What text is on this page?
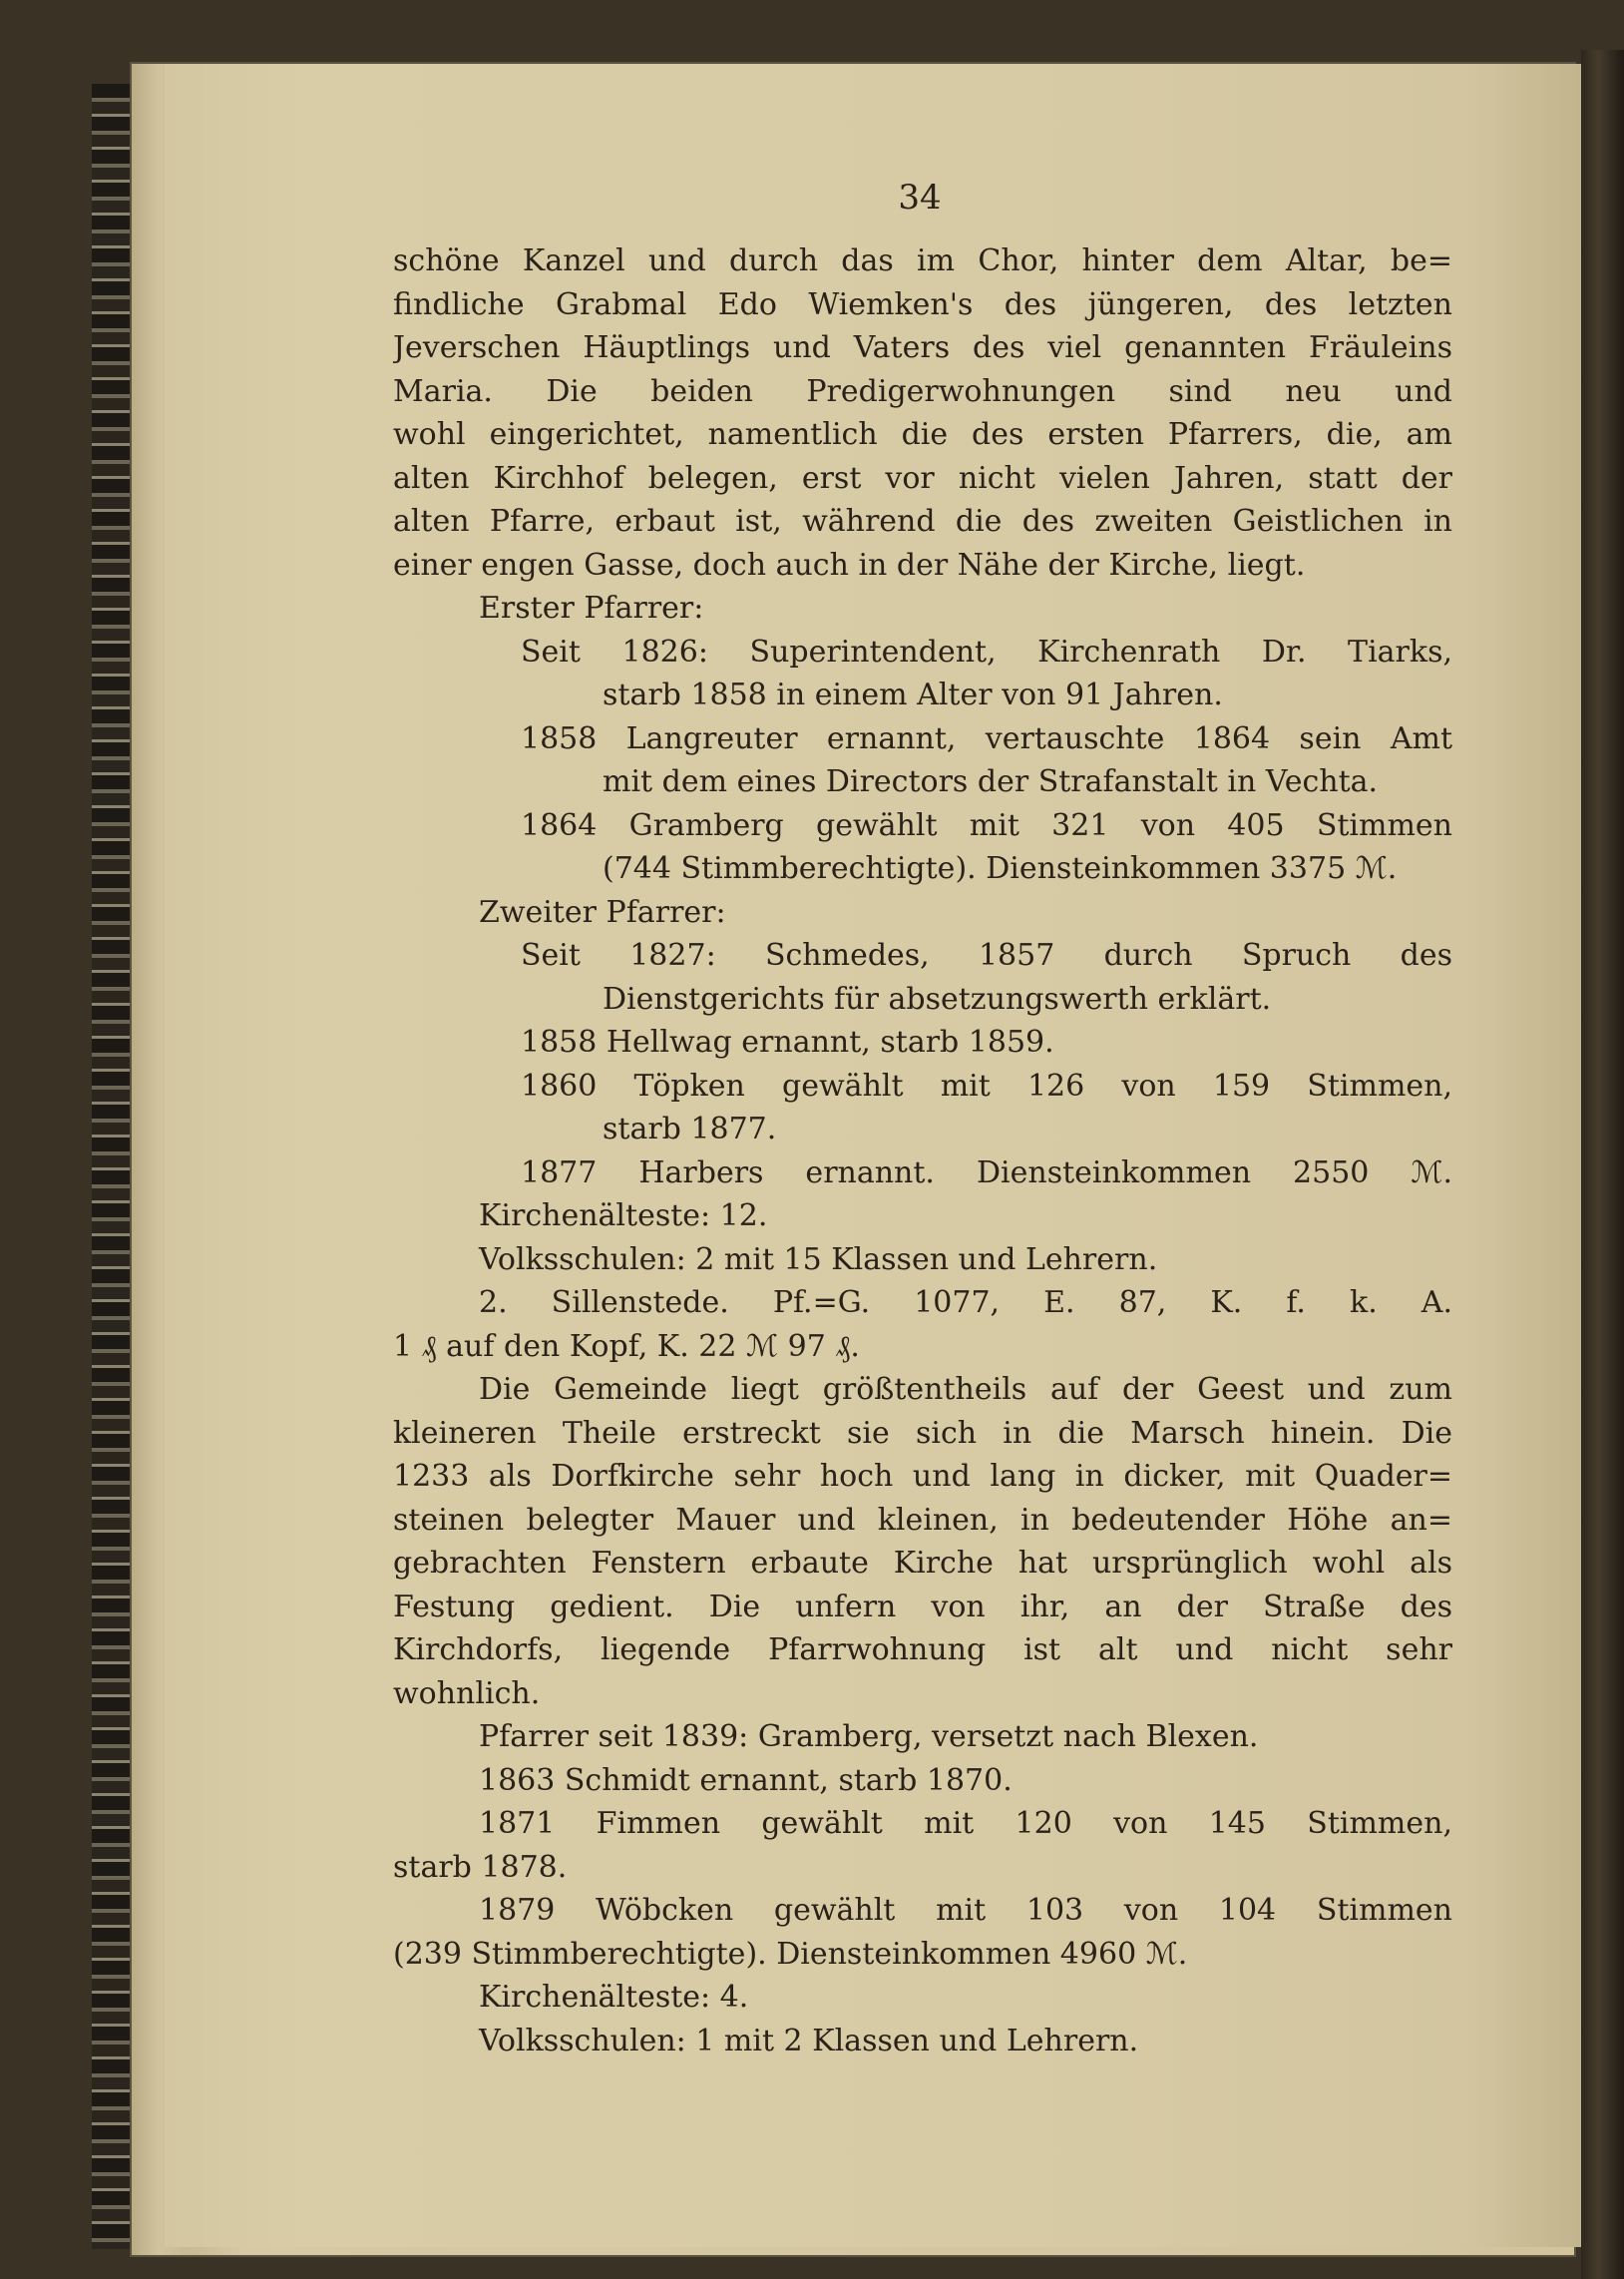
34
schöne Kanzel und durch das im Chor, hinter dem Altar, be=
findliche Grabmal Edo Wiemken's des jüngeren, des letzten
Jeverschen Häuptlings und Vaters des viel genannten Fräuleins
Maria. Die beiden Predigerwohnungen sind neu und
wohl eingerichtet, namentlich die des ersten Pfarrers, die, am
alten Kirchhof belegen, erst vor nicht vielen Jahren, statt der
alten Pfarre, erbaut ist, während die des zweiten Geistlichen in
einer engen Gasse, doch auch in der Nähe der Kirche, liegt.
Erster Pfarrer:
Seit 1826: Superintendent, Kirchenrath Dr. Tiarks,
starb 1858 in einem Alter von 91 Jahren.
1858 Langreuter ernannt, vertauschte 1864 sein Amt
mit dem eines Directors der Strafanstalt in Vechta.
1864 Gramberg gewählt mit 321 von 405 Stimmen
(744 Stimmberechtigte). Diensteinkommen 3375 ℳ.
Zweiter Pfarrer:
Seit 1827: Schmedes, 1857 durch Spruch des
Dienstgerichts für absetzungswerth erklärt.
1858 Hellwag ernannt, starb 1859.
1860 Töpken gewählt mit 126 von 159 Stimmen,
starb 1877.
1877 Harbers ernannt. Diensteinkommen 2550 ℳ.
Kirchenälteste: 12.
Volksschulen: 2 mit 15 Klassen und Lehrern.
2. Sillenstede. Pf.=G. 1077, E. 87, K. f. k. A.
1 ₰ auf den Kopf, K. 22 ℳ 97 ₰.
Die Gemeinde liegt größtentheils auf der Geest und zum
kleineren Theile erstreckt sie sich in die Marsch hinein. Die
1233 als Dorfkirche sehr hoch und lang in dicker, mit Quader=
steinen belegter Mauer und kleinen, in bedeutender Höhe an=
gebrachten Fenstern erbaute Kirche hat ursprünglich wohl als
Festung gedient. Die unfern von ihr, an der Straße des
Kirchdorfs, liegende Pfarrwohnung ist alt und nicht sehr
wohnlich.
Pfarrer seit 1839: Gramberg, versetzt nach Blexen.
1863 Schmidt ernannt, starb 1870.
1871 Fimmen gewählt mit 120 von 145 Stimmen,
starb 1878.
1879 Wöbcken gewählt mit 103 von 104 Stimmen
(239 Stimmberechtigte). Diensteinkommen 4960 ℳ.
Kirchenälteste: 4.
Volksschulen: 1 mit 2 Klassen und Lehrern.
